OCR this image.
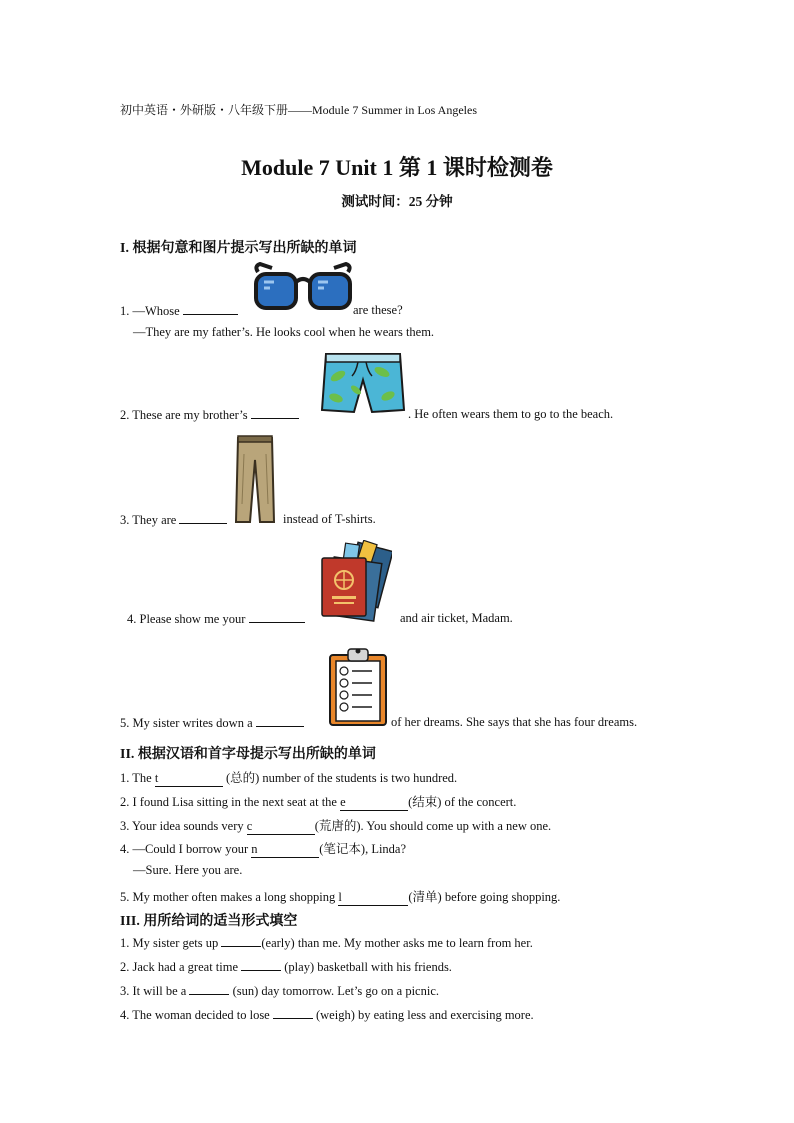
初中英语・外研版・八年级下册——Module 7 Summer in Los Angeles
Module 7 Unit 1 第 1 课时检测卷
测试时间：25 分钟
I. 根据句意和图片提示写出所缺的单词
1. —Whose	are these?
—They are my father’s. He looks cool when he wears them.
2. These are my brother’s	. He often wears them to go to the beach.
3. They are	instead of T-shirts.
4. Please show me your	and air ticket, Madam.
5. My sister writes down a	of her dreams. She says that she has four dreams.
II. 根据汉语和首字母提示写出所缺的单词
1. The t	(总的) number of the students is two hundred.
2. I found Lisa sitting in the next seat at the e	(结束) of the concert.
3. Your idea sounds very c	(荒唐的). You should come up with a new one.
4. —Could I borrow your n	(笔记本), Linda?
—Sure. Here you are.
5. My mother often makes a long shopping l	(清单) before going shopping.
III. 用所给词的适当形式填空
1. My sister gets up	(early) than me. My mother asks me to learn from her.
2. Jack had a great time	(play) basketball with his friends.
3. It will be a	(sun) day tomorrow. Let’s go on a picnic.
4. The woman decided to lose	(weigh) by eating less and exercising more.
